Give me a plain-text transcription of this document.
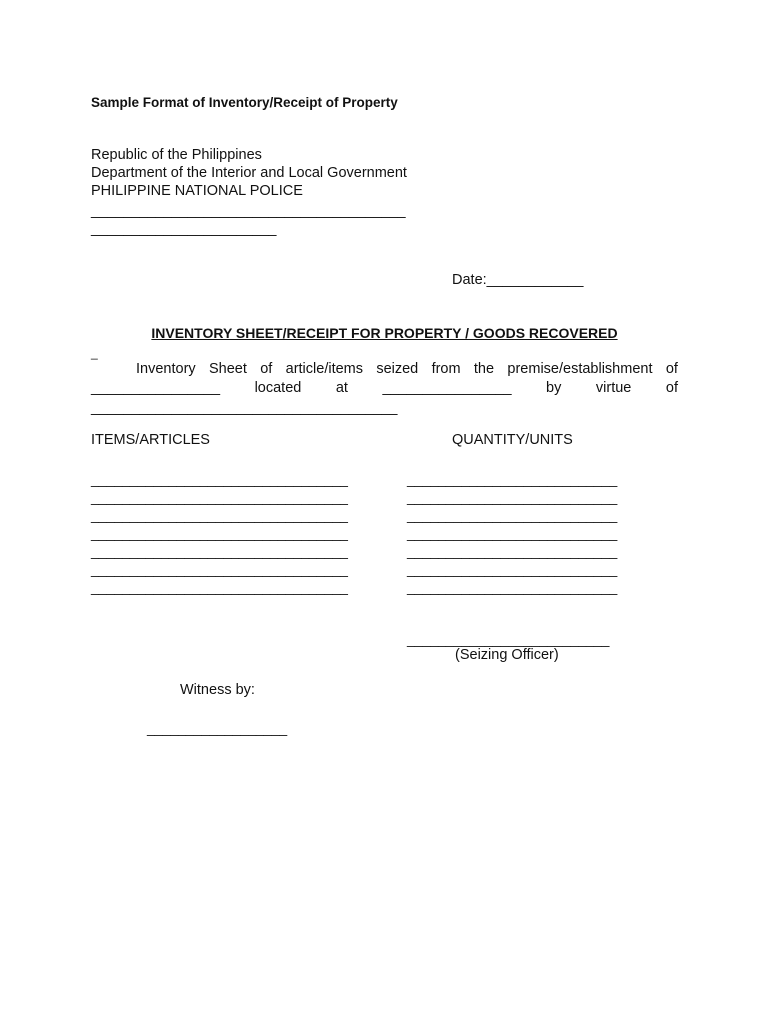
Sample Format of Inventory/Receipt of Property
Republic of the Philippines
Department of the Interior and Local Government
PHILIPPINE NATIONAL POLICE
_______________________________________
_______________________
Date:____________
INVENTORY SHEET/RECEIPT FOR PROPERTY / GOODS RECOVERED
_
Inventory Sheet of article/items seized from the premise/establishment of
________________ located at ________________ by virtue of
______________________________________
ITEMS/ARTICLES	QUANTITY/UNITS
_________________________________
_________________________________
_________________________________
_________________________________
_________________________________
_________________________________
_________________________________
___________________________
___________________________
___________________________
___________________________
___________________________
___________________________
___________________________
__________________________
(Seizing Officer)
Witness by:
__________________
